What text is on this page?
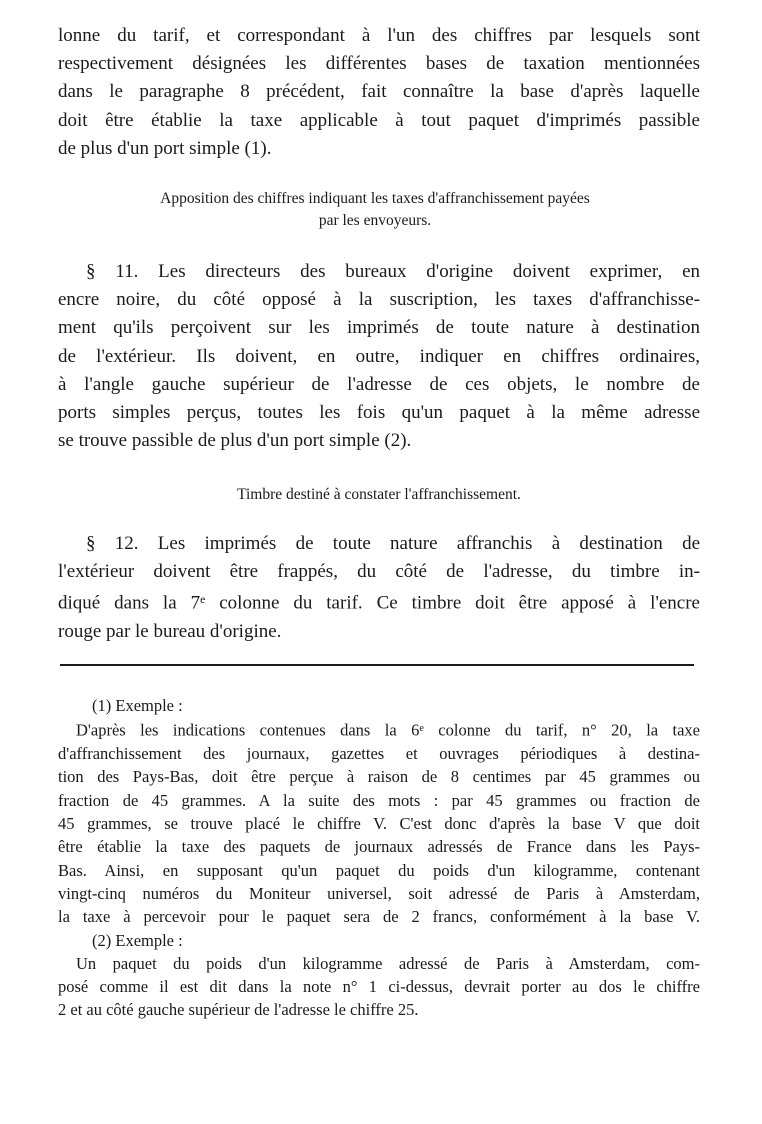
lonne du tarif, et correspondant à l'un des chiffres par lesquels sont
respectivement désignées les différentes bases de taxation mentionnées
dans le paragraphe 8 précédent, fait connaître la base d'après laquelle
doit être établie la taxe applicable à tout paquet d'imprimés passible
de plus d'un port simple (1).
Apposition des chiffres indiquant les taxes d'affranchissement payées
par les envoyeurs.
§ 11. Les directeurs des bureaux d'origine doivent exprimer, en
encre noire, du côté opposé à la suscription, les taxes d'affranchisse-
ment qu'ils perçoivent sur les imprimés de toute nature à destination
de l'extérieur. Ils doivent, en outre, indiquer en chiffres ordinaires,
à l'angle gauche supérieur de l'adresse de ces objets, le nombre de
ports simples perçus, toutes les fois qu'un paquet à la même adresse
se trouve passible de plus d'un port simple (2).
Timbre destiné à constater l'affranchissement.
§ 12. Les imprimés de toute nature affranchis à destination de
l'extérieur doivent être frappés, du côté de l'adresse, du timbre in-
diqué dans la 7e colonne du tarif. Ce timbre doit être apposé à l'encre
rouge par le bureau d'origine.
(1) Exemple :
D'après les indications contenues dans la 6e colonne du tarif, n° 20, la taxe
d'affranchissement des journaux, gazettes et ouvrages périodiques à destina-
tion des Pays-Bas, doit être perçue à raison de 8 centimes par 45 grammes ou
fraction de 45 grammes. A la suite des mots : par 45 grammes ou fraction de
45 grammes, se trouve placé le chiffre V. C'est donc d'après la base V que doit
être établie la taxe des paquets de journaux adressés de France dans les Pays-
Bas. Ainsi, en supposant qu'un paquet du poids d'un kilogramme, contenant
vingt-cinq numéros du Moniteur universel, soit adressé de Paris à Amsterdam,
la taxe à percevoir pour le paquet sera de 2 francs, conformément à la base V.
(2) Exemple :
Un paquet du poids d'un kilogramme adressé de Paris à Amsterdam, com-
posé comme il est dit dans la note n° 1 ci-dessus, devrait porter au dos le chiffre
2 et au côté gauche supérieur de l'adresse le chiffre 25.
